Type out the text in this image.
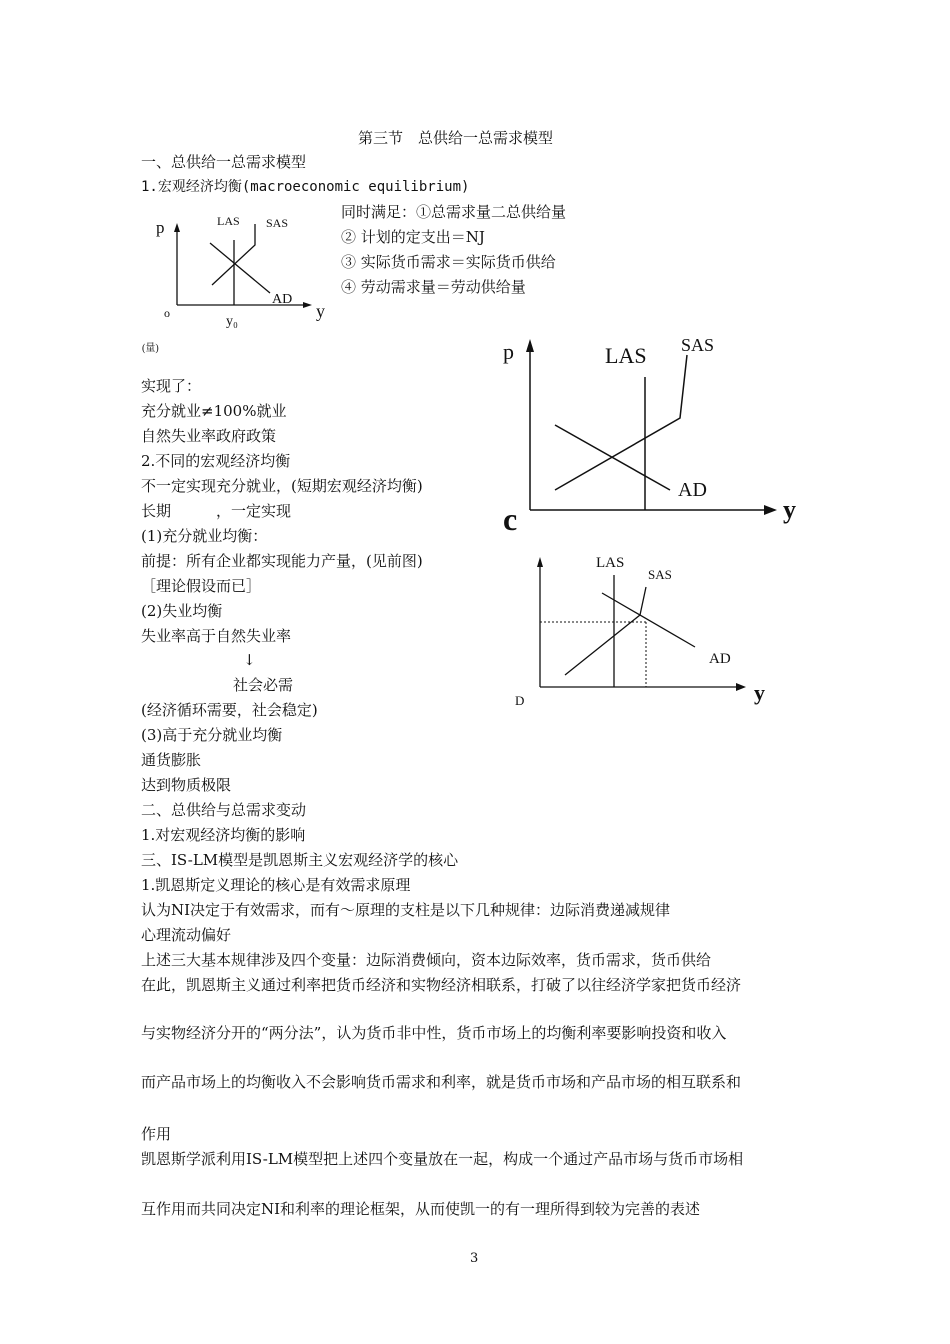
第三节　总供给一总需求模型
一、总供给一总需求模型
1.宏观经济均衡(macroeconomic equilibrium)
同时满足：①总需求量二总供给量
② 计划的定支出＝NJ
③ 实际货币需求＝实际货币供给
④ 劳动需求量＝劳动供给量
p	LAS SAS
AD
o
y₀
y
(量)	p	LAS SAS
AD
c	y
LAS
SAS
AD
D	y
实现了：
充分就业≠100%就业
自然失业率政府政策
2.不同的宏观经济均衡
不一定实现充分就业，(短期宏观经济均衡)
长期　　　，一定实现
(1)充分就业均衡：
前提：所有企业都实现能力产量，(见前图)
［理论假设而已］
(2)失业均衡
失业率高于自然失业率
↓
社会必需
(经济循环需要，社会稳定)
(3)高于充分就业均衡
通货膨胀
达到物质极限
二、总供给与总需求变动
1.对宏观经济均衡的影响
三、IS-LM模型是凯恩斯主义宏观经济学的核心
1.凯恩斯定义理论的核心是有效需求原理
认为NI决定于有效需求，而有～原理的支柱是以下几种规律：边际消费递减规律
心理流动偏好
上述三大基本规律涉及四个变量：边际消费倾向，资本边际效率，货币需求，货币供给
在此，凯恩斯主义通过利率把货币经济和实物经济相联系，打破了以往经济学家把货币经济
与实物经济分开的“两分法”，认为货币非中性，货币市场上的均衡利率要影响投资和收入
而产品市场上的均衡收入不会影响货币需求和利率，就是货币市场和产品市场的相互联系和
作用
凯恩斯学派利用IS-LM模型把上述四个变量放在一起，构成一个通过产品市场与货币市场相
互作用而共同决定NI和利率的理论框架，从而使凯一的有一理所得到较为完善的表述
3
